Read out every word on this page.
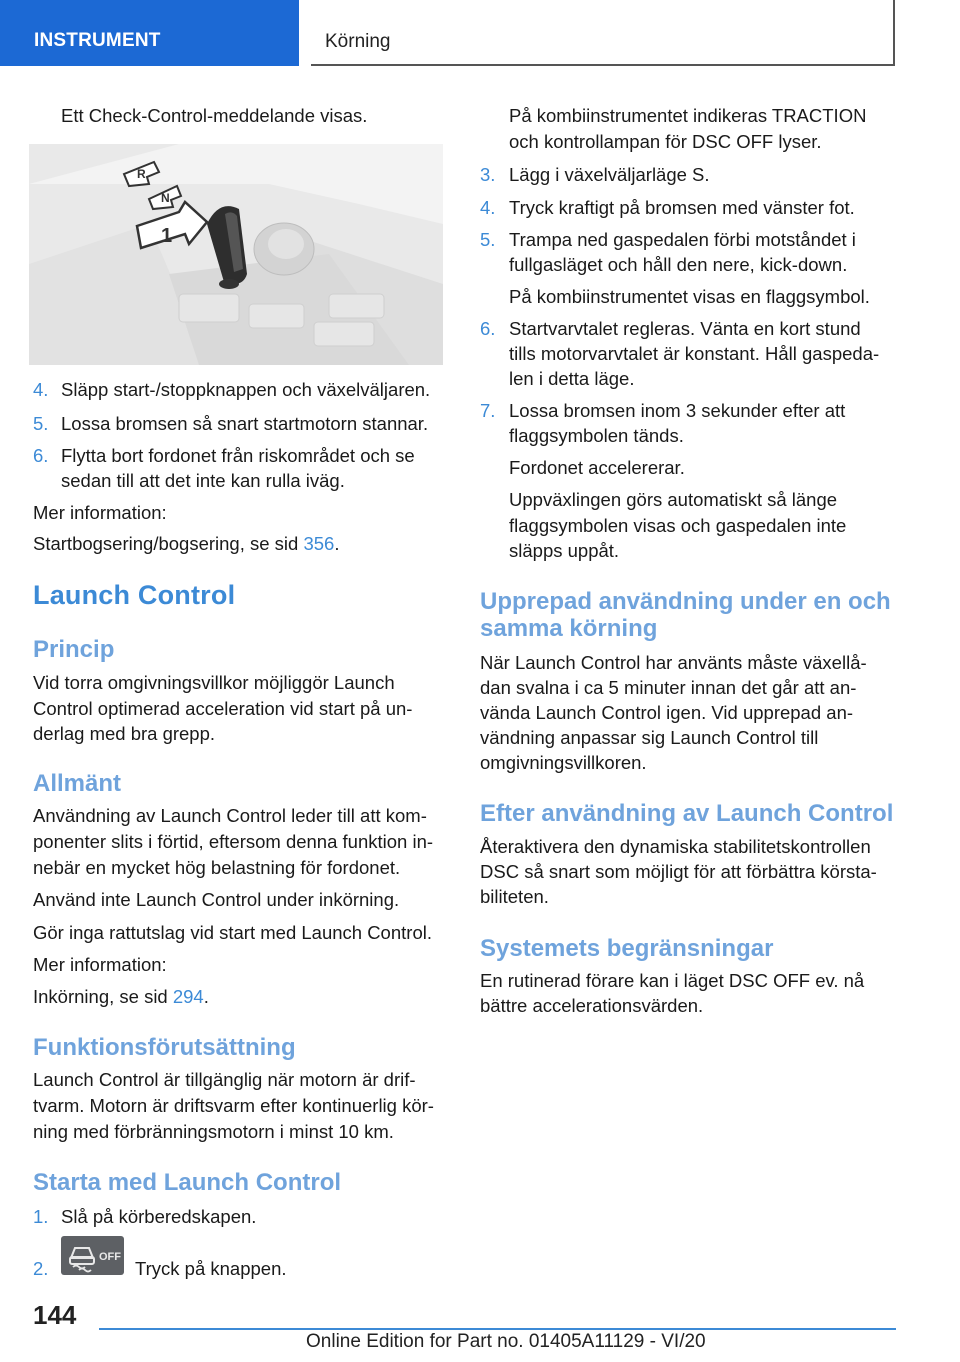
INSTRUMENT	Körning
Ett Check-Control-meddelande visas.
R
N
1
4. Släpp start-/stoppknappen och växelväljaren.
5. Lossa bromsen så snart startmotorn stannar.
6. Flytta bort fordonet från riskområdet och se
sedan till att det inte kan rulla iväg.
Mer information:
Startbogsering/bogsering, se sid 356.
Launch Control
Princip
Vid torra omgivningsvillkor möjliggör Launch
Control optimerad acceleration vid start på un-
derlag med bra grepp.
Allmänt
Användning av Launch Control leder till att kom-
ponenter slits i förtid, eftersom denna funktion in-
nebär en mycket hög belastning för fordonet.
Använd inte Launch Control under inkörning.
Gör inga rattutslag vid start med Launch Control.
Mer information:
Inkörning, se sid 294.
Funktionsförutsättning
Launch Control är tillgänglig när motorn är drif-
tvarm. Motorn är driftsvarm efter kontinuerlig kör-
ning med förbränningsmotorn i minst 10 km.
Starta med Launch Control
1. Slå på körberedskapen.
2.
OFF
Tryck på knappen.
På kombiinstrumentet indikeras TRACTION
och kontrollampan för DSC OFF lyser.
3. Lägg i växelväljarläge S.
4. Tryck kraftigt på bromsen med vänster fot.
5. Trampa ned gaspedalen förbi motståndet i
fullgasläget och håll den nere, kick-down.
På kombiinstrumentet visas en flaggsymbol.
6. Startvarvtalet regleras. Vänta en kort stund
tills motorvarvtalet är konstant. Håll gaspeda-
len i detta läge.
7. Lossa bromsen inom 3 sekunder efter att
flaggsymbolen tänds.
Fordonet accelererar.
Uppväxlingen görs automatiskt så länge
flaggsymbolen visas och gaspedalen inte
släpps uppåt.
Upprepad användning under en och
samma körning
När Launch Control har använts måste växellå-
dan svalna i ca 5 minuter innan det går att an-
vända Launch Control igen. Vid upprepad an-
vändning anpassar sig Launch Control till
omgivningsvillkoren.
Efter användning av Launch Control
Återaktivera den dynamiska stabilitetskontrollen
DSC så snart som möjligt för att förbättra körsta-
biliteten.
Systemets begränsningar
En rutinerad förare kan i läget DSC OFF ev. nå
bättre accelerationsvärden.
144
Online Edition for Part no. 01405A11129 - VI/20
